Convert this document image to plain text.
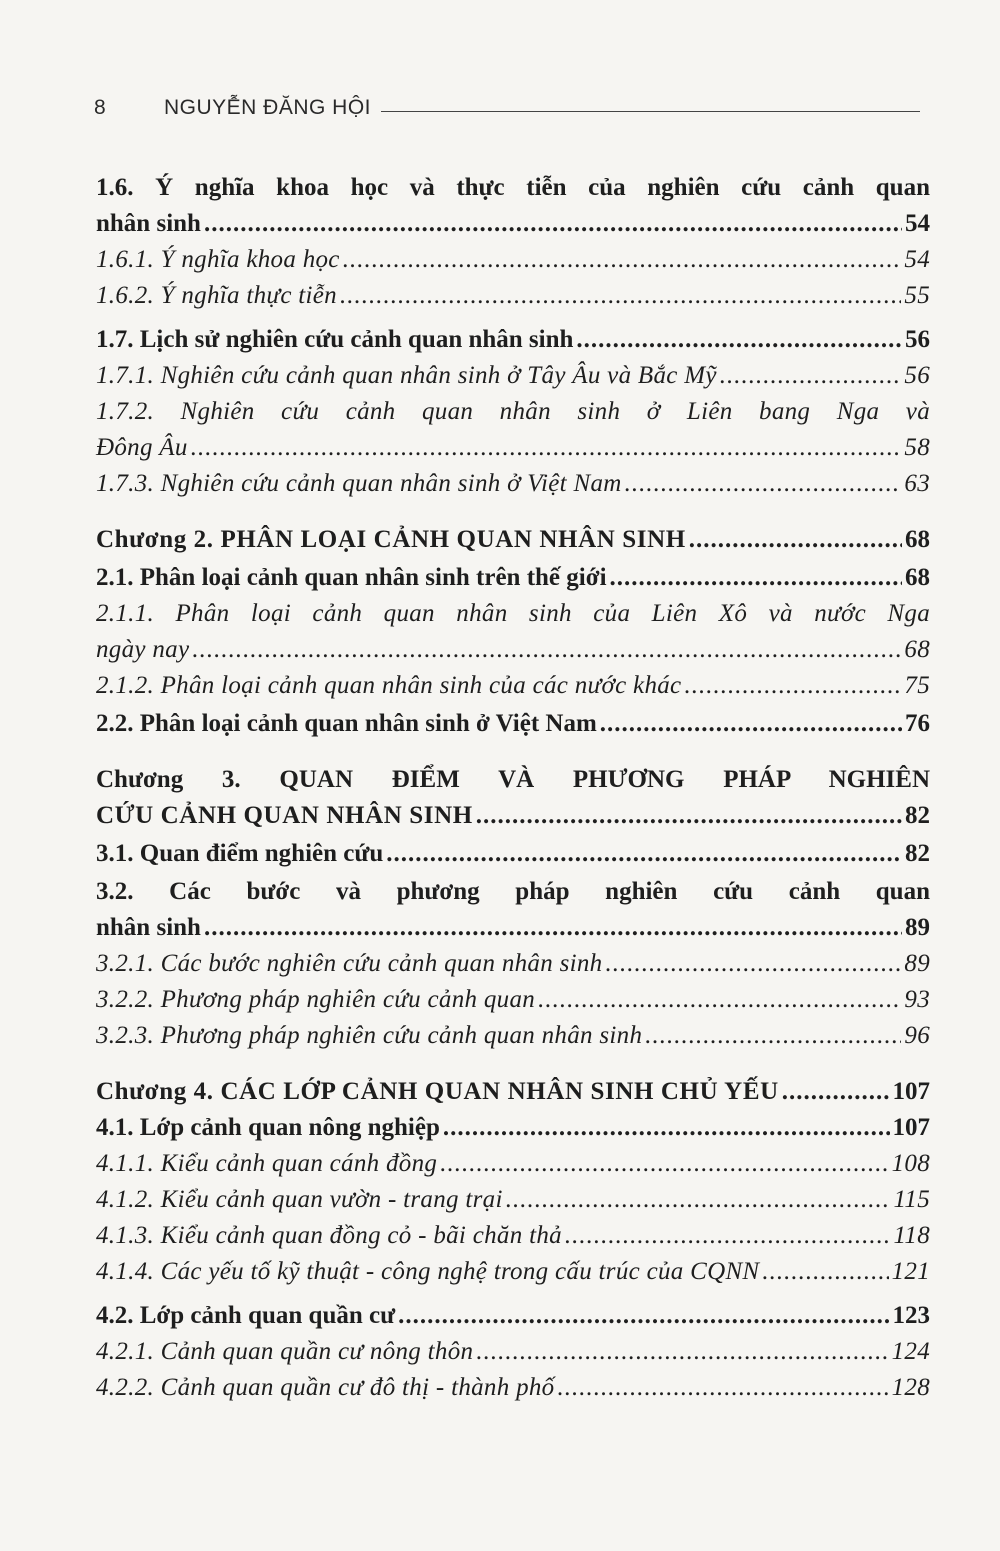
8	NGUYỄN ĐĂNG HỘI
1.6. Ý nghĩa khoa học và thực tiễn của nghiên cứu cảnh quan
nhân sinh .....	54
1.6.1. Ý nghĩa khoa học .....	54
1.6.2. Ý nghĩa thực tiễn .....	55
1.7. Lịch sử nghiên cứu cảnh quan nhân sinh .....	56
1.7.1. Nghiên cứu cảnh quan nhân sinh ở Tây Âu và Bắc Mỹ .....	56
1.7.2. Nghiên cứu cảnh quan nhân sinh ở Liên bang Nga và
Đông Âu .....	58
1.7.3. Nghiên cứu cảnh quan nhân sinh ở Việt Nam .....	63
Chương 2. PHÂN LOẠI CẢNH QUAN NHÂN SINH .....	68
2.1. Phân loại cảnh quan nhân sinh trên thế giới .....	68
2.1.1. Phân loại cảnh quan nhân sinh của Liên Xô và nước Nga
ngày nay .....	68
2.1.2. Phân loại cảnh quan nhân sinh của các nước khác .....	75
2.2. Phân loại cảnh quan nhân sinh ở Việt Nam .....	76
Chương 3. QUAN ĐIỂM VÀ PHƯƠNG PHÁP NGHIÊN
CỨU CẢNH QUAN NHÂN SINH .....	82
3.1. Quan điểm nghiên cứu .....	82
3.2. Các bước và phương pháp nghiên cứu cảnh quan
nhân sinh .....	89
3.2.1. Các bước nghiên cứu cảnh quan nhân sinh .....	89
3.2.2. Phương pháp nghiên cứu cảnh quan .....	93
3.2.3. Phương pháp nghiên cứu cảnh quan nhân sinh .....	96
Chương 4. CÁC LỚP CẢNH QUAN NHÂN SINH CHỦ YẾU .....	107
4.1. Lớp cảnh quan nông nghiệp .....	107
4.1.1. Kiểu cảnh quan cánh đồng .....	108
4.1.2. Kiểu cảnh quan vườn - trang trại .....	115
4.1.3. Kiểu cảnh quan đồng cỏ - bãi chăn thả .....	118
4.1.4. Các yếu tố kỹ thuật - công nghệ trong cấu trúc của CQNN .....	121
4.2. Lớp cảnh quan quần cư .....	123
4.2.1. Cảnh quan quần cư nông thôn .....	124
4.2.2. Cảnh quan quần cư đô thị - thành phố .....	128
